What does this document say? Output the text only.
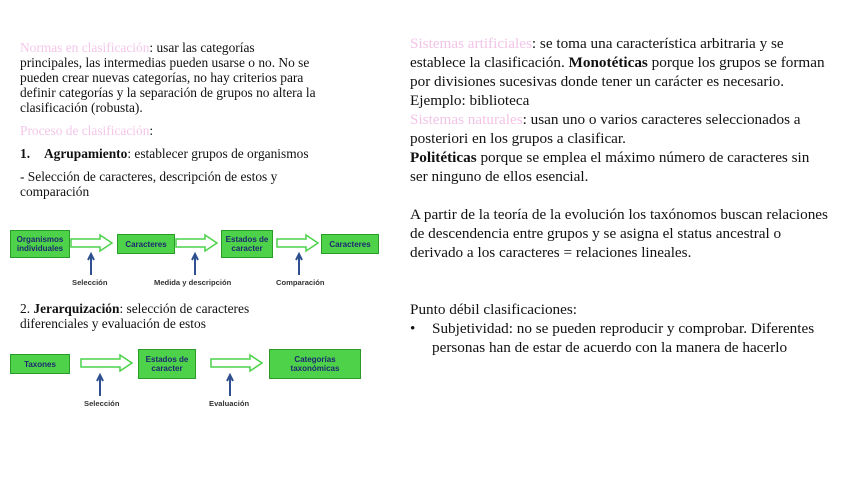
Normas en clasificación: usar las categorías principales, las intermedias pueden usarse o no. No se pueden crear nuevas categorías, no hay criterios para definir categorías y la separación de grupos no altera la clasificación (robusta).

Proceso de clasificación:

1.	Agrupamiento: establecer grupos de organismos

- Selección de caracteres, descripción de estos y comparación

Organismos individuales	Caracteres	Estados de caracter	Caracteres
Selección	Medida y descripción	Comparación

2. Jerarquización: selección de caracteres diferenciales y evaluación de estos

Taxones	Estados de caracter
Categorías taxonómicas
Selección	Evaluación

Sistemas artificiales: se toma una característica arbitraria y se establece la clasificación. Monotéticas porque los grupos se forman por divisiones sucesivas donde tener un carácter es necesario. Ejemplo: biblioteca

Sistemas naturales: usan uno o varios caracteres seleccionados a posteriori en los grupos a clasificar.

Politéticas porque se emplea el máximo número de caracteres sin ser ninguno de ellos esencial.

A partir de la teoría de la evolución los taxónomos buscan relaciones de descendencia entre grupos y se asigna el status ancestral o derivado a los caracteres = relaciones lineales.

Punto débil clasificaciones:

•	Subjetividad: no se pueden reproducir y comprobar. Diferentes personas han de estar de acuerdo con la manera de hacerlo
